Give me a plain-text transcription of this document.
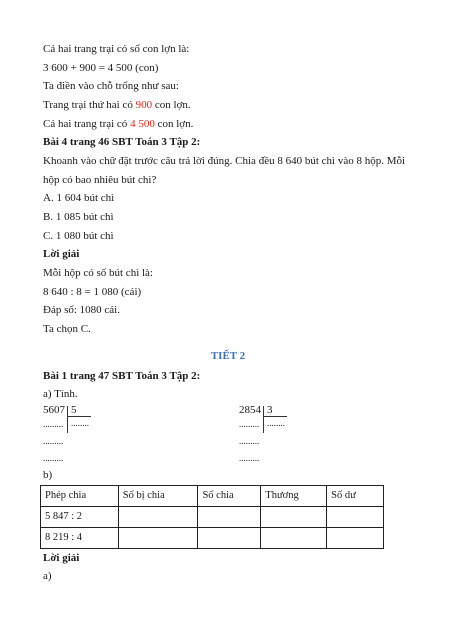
Cả hai trang trại có số con lợn là:
3 600 + 900 = 4 500 (con)
Ta điền vào chỗ trống như sau:
Trang trại thứ hai có 900 con lợn.
Cả hai trang trại có 4 500 con lợn.
Bài 4 trang 46 SBT Toán 3 Tập 2:
Khoanh vào chữ đặt trước câu trả lời đúng. Chia đều 8 640 bút chì vào 8 hộp. Mỗi hộp có bao nhiêu bút chì?
A. 1 604 bút chì
B. 1 085 bút chì
C. 1 080 bút chì
Lời giải
Mỗi hộp có số bút chì là:
8 640 : 8 = 1 080 (cái)
Đáp số: 1080 cái.
Ta chọn C.
TIẾT 2
Bài 1 trang 47 SBT Toán 3 Tập 2:
a) Tính.
5607 5
......... ........
.........
.........
2854 3
......... ........
.........
.........
b)
Phép chia	Số bị chia	Số chia	Thương	Số dư
5 847 : 2				
8 219 : 4				
Lời giải
a)
